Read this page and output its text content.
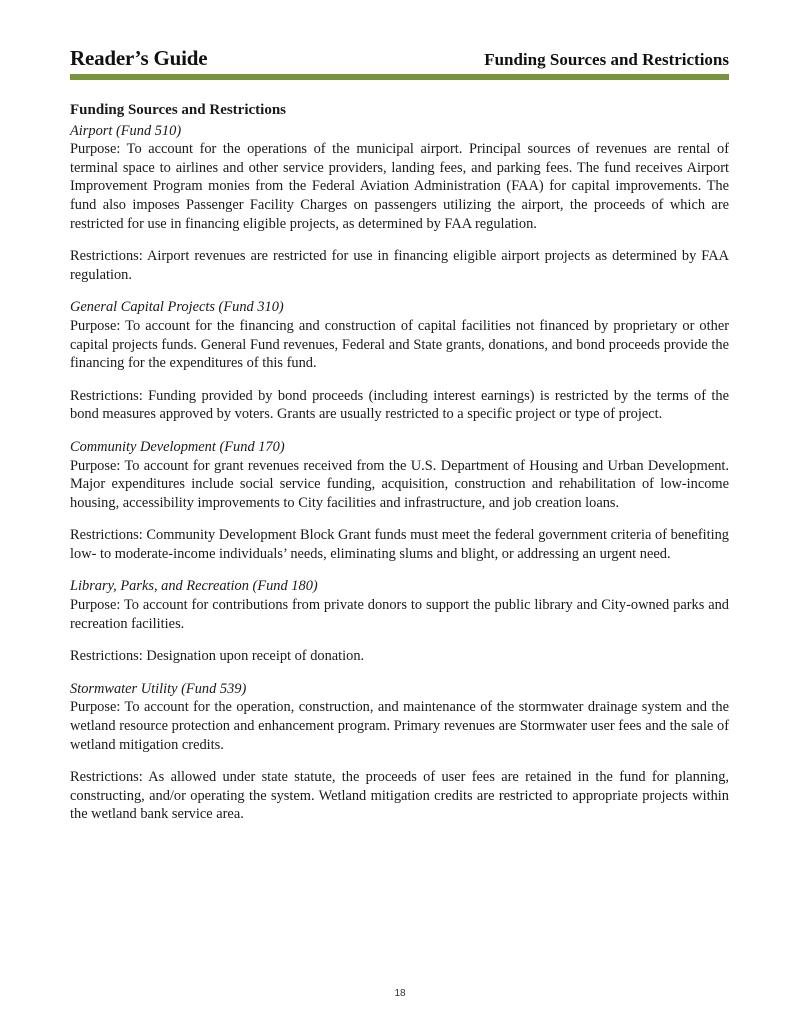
Reader’s Guide	Funding Sources and Restrictions

Funding Sources and Restrictions

Airport (Fund 510)

Purpose: To account for the operations of the municipal airport. Principal sources of revenues are rental of terminal space to airlines and other service providers, landing fees, and parking fees. The fund receives Airport Improvement Program monies from the Federal Aviation Administration (FAA) for capital improvements. The fund also imposes Passenger Facility Charges on passengers utilizing the airport, the proceeds of which are restricted for use in financing eligible projects, as determined by FAA regulation.

Restrictions: Airport revenues are restricted for use in financing eligible airport projects as determined by FAA regulation.

General Capital Projects (Fund 310)

Purpose: To account for the financing and construction of capital facilities not financed by proprietary or other capital projects funds. General Fund revenues, Federal and State grants, donations, and bond proceeds provide the financing for the expenditures of this fund.

Restrictions: Funding provided by bond proceeds (including interest earnings) is restricted by the terms of the bond measures approved by voters. Grants are usually restricted to a specific project or type of project.

Community Development (Fund 170)

Purpose: To account for grant revenues received from the U.S. Department of Housing and Urban Development. Major expenditures include social service funding, acquisition, construction and rehabilitation of low-income housing, accessibility improvements to City facilities and infrastructure, and job creation loans.

Restrictions: Community Development Block Grant funds must meet the federal government criteria of benefiting low- to moderate-income individuals’ needs, eliminating slums and blight, or addressing an urgent need.

Library, Parks, and Recreation (Fund 180)

Purpose: To account for contributions from private donors to support the public library and City-owned parks and recreation facilities.

Restrictions: Designation upon receipt of donation.

Stormwater Utility (Fund 539)

Purpose: To account for the operation, construction, and maintenance of the stormwater drainage system and the wetland resource protection and enhancement program. Primary revenues are Stormwater user fees and the sale of wetland mitigation credits.

Restrictions: As allowed under state statute, the proceeds of user fees are retained in the fund for planning, constructing, and/or operating the system. Wetland mitigation credits are restricted to appropriate projects within the wetland bank service area.

18
